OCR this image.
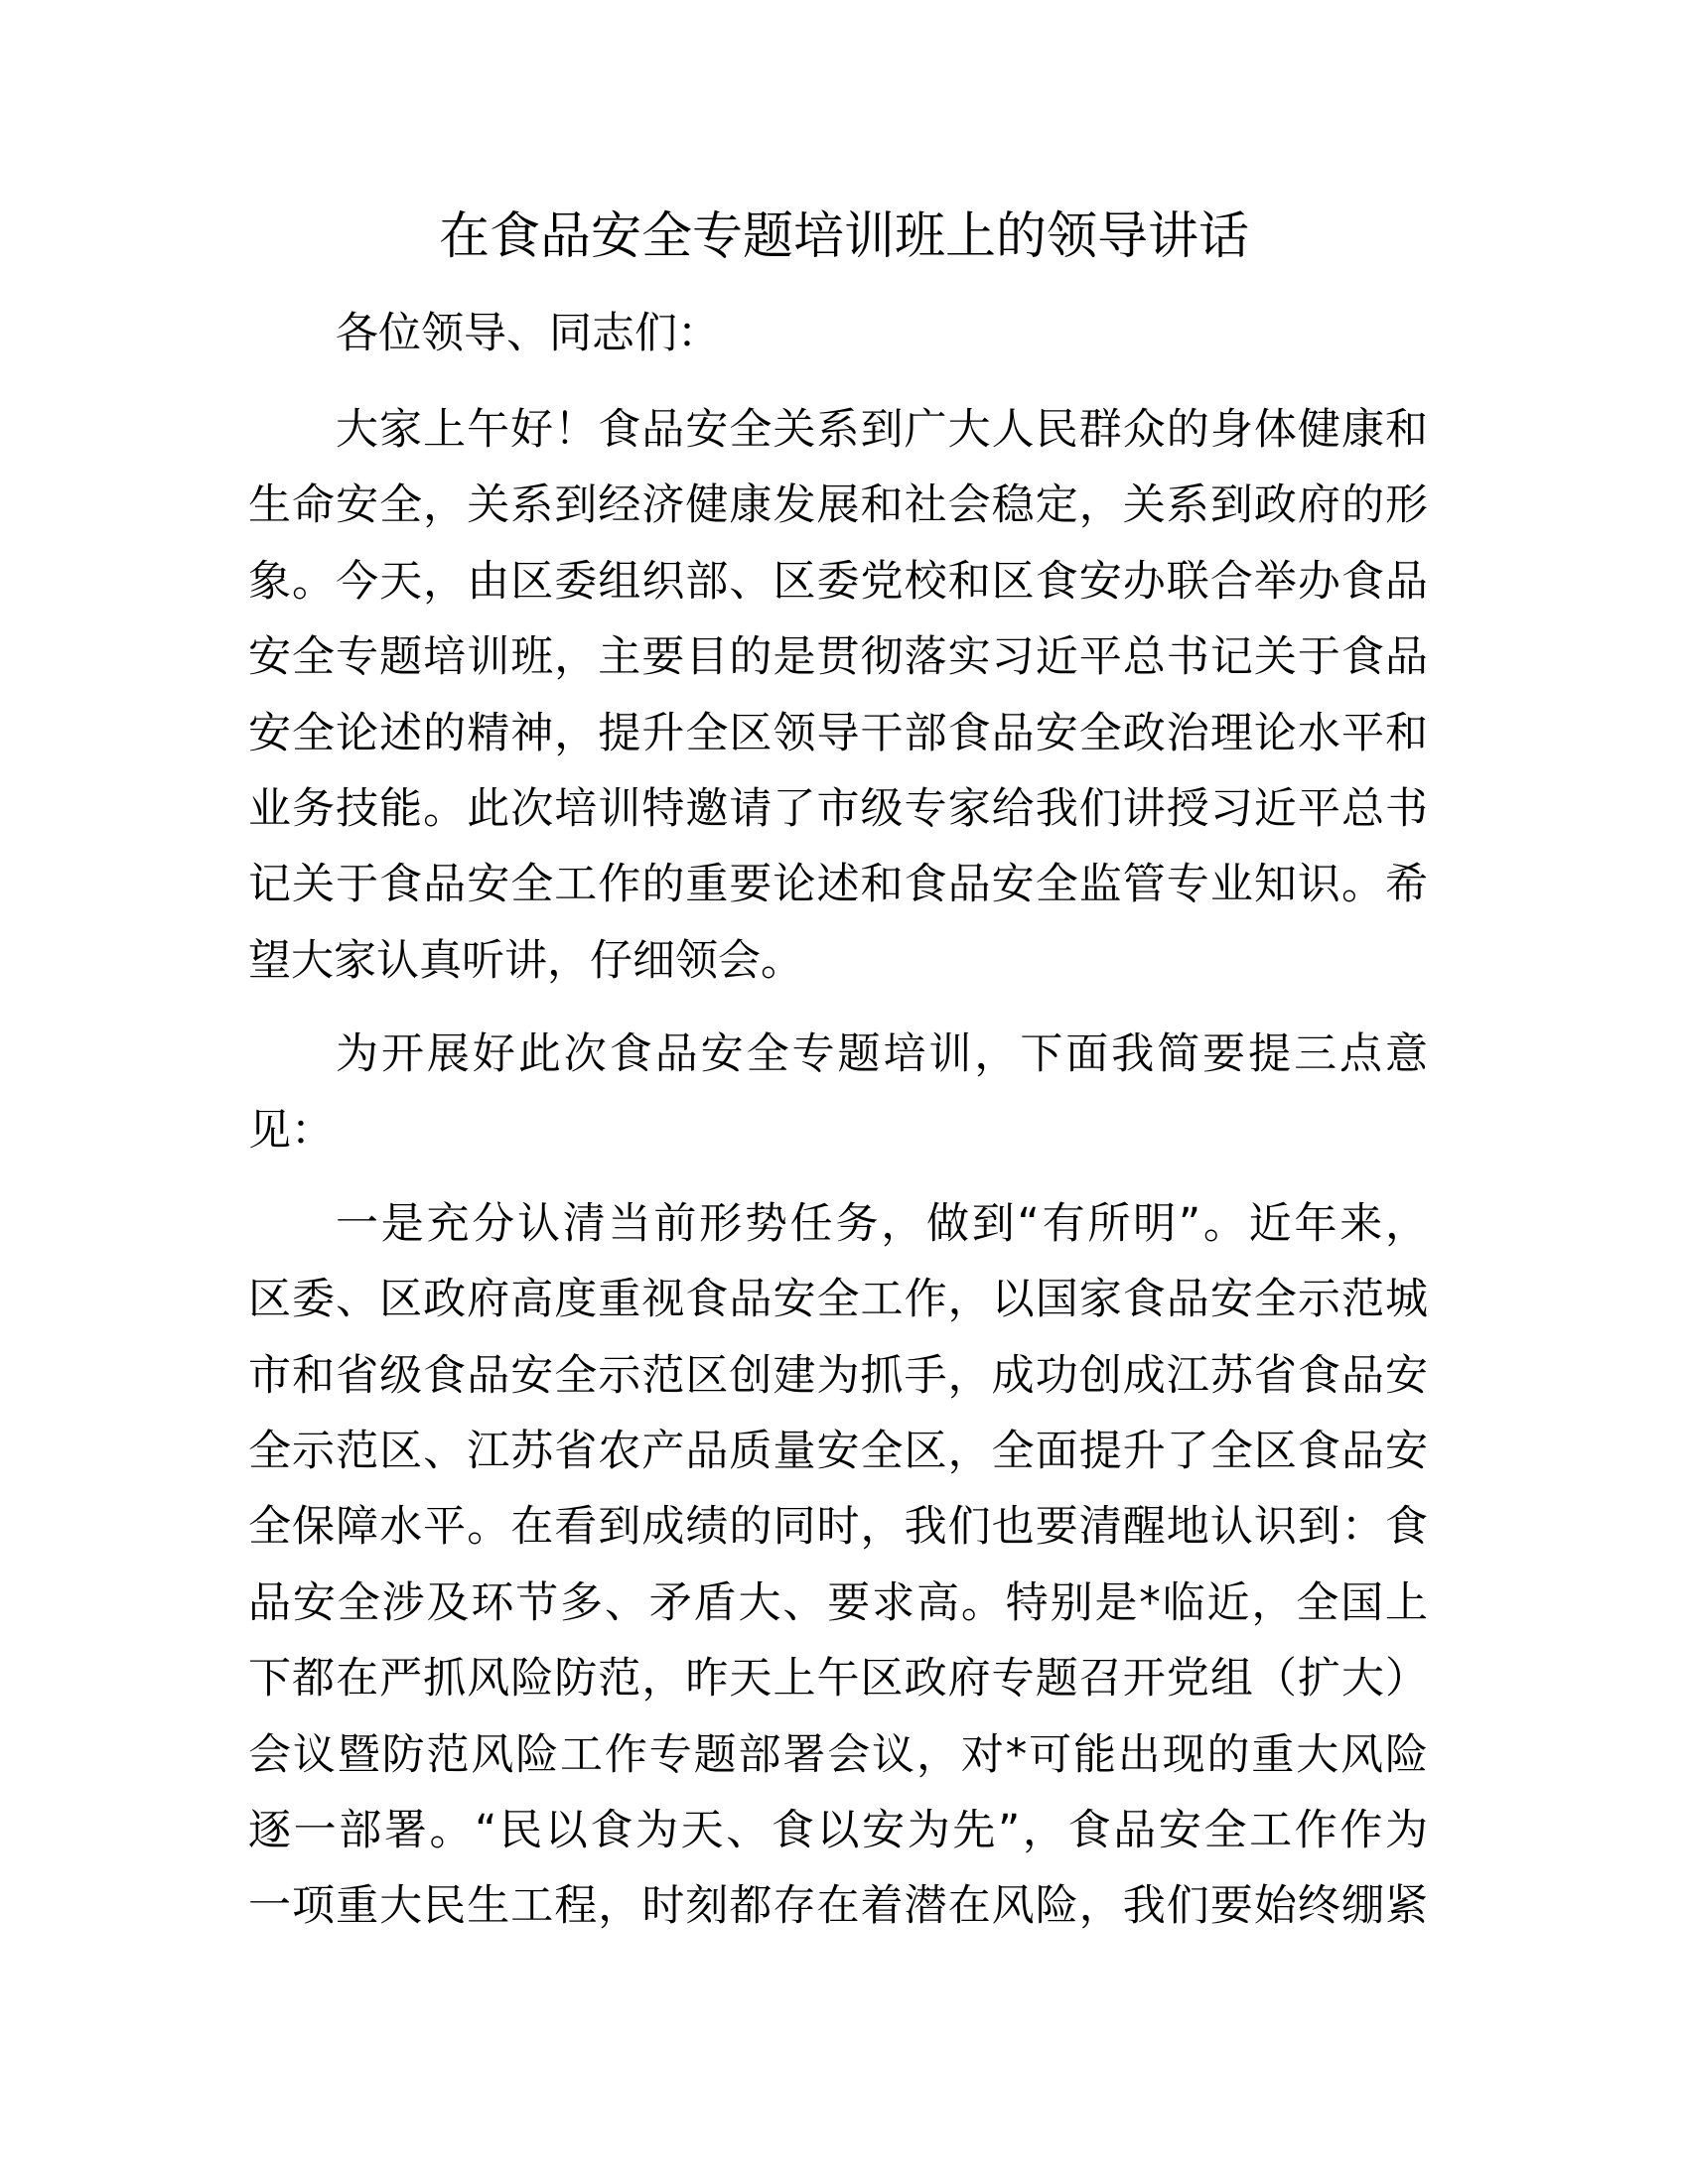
在食品安全专题培训班上的领导讲话
各位领导、同志们：
大家上午好！食品安全关系到广大人民群众的身体健康和
生命安全，关系到经济健康发展和社会稳定，关系到政府的形
象。今天，由区委组织部、区委党校和区食安办联合举办食品
安全专题培训班，主要目的是贯彻落实习近平总书记关于食品
安全论述的精神，提升全区领导干部食品安全政治理论水平和
业务技能。此次培训特邀请了市级专家给我们讲授习近平总书
记关于食品安全工作的重要论述和食品安全监管专业知识。希
望大家认真听讲，仔细领会。
为开展好此次食品安全专题培训，下面我简要提三点意
见：
一是充分认清当前形势任务，做到“有所明”。近年来，
区委、区政府高度重视食品安全工作，以国家食品安全示范城
市和省级食品安全示范区创建为抓手，成功创成江苏省食品安
全示范区、江苏省农产品质量安全区，全面提升了全区食品安
全保障水平。在看到成绩的同时，我们也要清醒地认识到：食
品安全涉及环节多、矛盾大、要求高。特别是*临近，全国上
下都在严抓风险防范，昨天上午区政府专题召开党组（扩大）
会议暨防范风险工作专题部署会议，对*可能出现的重大风险
逐一部署。“民以食为天、食以安为先”，食品安全工作作为
一项重大民生工程，时刻都存在着潜在风险，我们要始终绷紧
